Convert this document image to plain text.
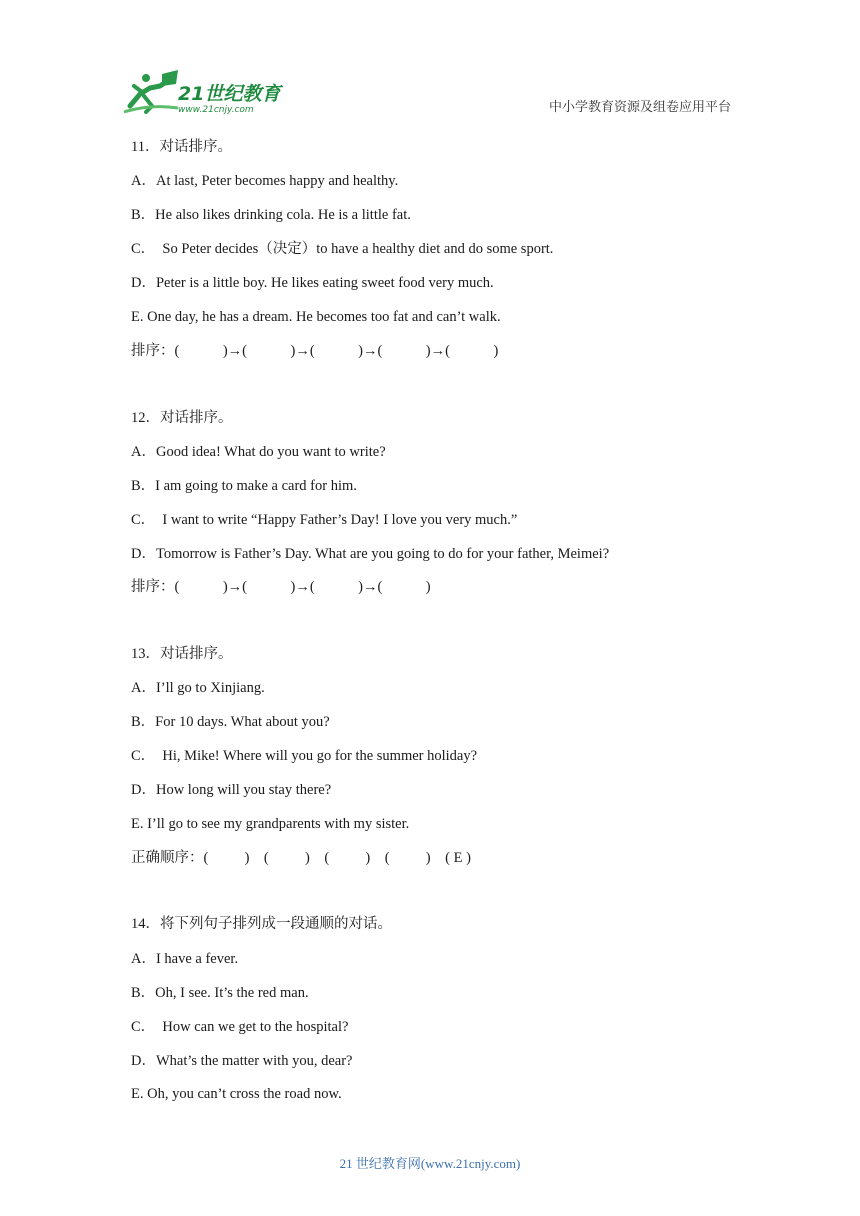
21世纪教育
www.21cnjy.com	中小学教育资源及组卷应用平台
11．对话排序。
A．At last, Peter becomes happy and healthy.
B．He also likes drinking cola. He is a little fat.
C．  So Peter decides（决定）to have a healthy diet and do some sport.
D．Peter is a little boy. He likes eating sweet food very much.
E. One day, he has a dream. He becomes too fat and can’t walk.
排序：(            )→(            )→(            )→(            )→(            )
12．对话排序。
A．Good idea! What do you want to write?
B．I am going to make a card for him.
C．  I want to write “Happy Father’s Day! I love you very much.”
D．Tomorrow is Father’s Day. What are you going to do for your father, Meimei?
排序：(            )→(            )→(            )→(            )
13．对话排序。
A．I’ll go to Xinjiang.
B．For 10 days. What about you?
C．  Hi, Mike! Where will you go for the summer holiday?
D．How long will you stay there?
E. I’ll go to see my grandparents with my sister.
正确顺序：(          )    (          )    (          )    (          )    ( E )
14．将下列句子排列成一段通顺的对话。
A．I have a fever.
B．Oh, I see. It’s the red man.
C．  How can we get to the hospital?
D．What’s the matter with you, dear?
E. Oh, you can’t cross the road now.
21 世纪教育网(www.21cnjy.com)
